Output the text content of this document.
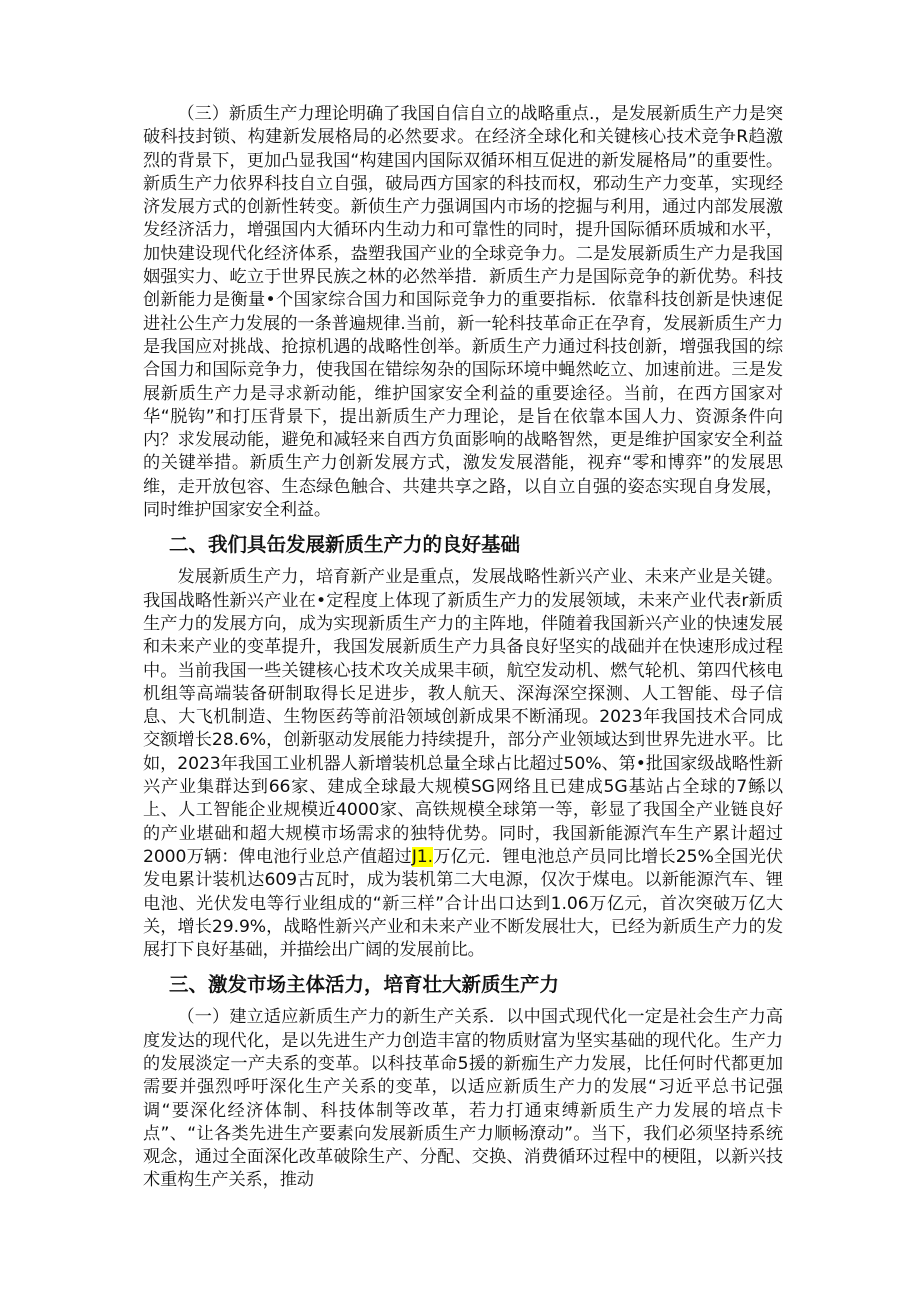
（三）新质生产力理论明确了我国自信自立的战略重点.，是发展新质生产力是突破科技封锁、构建新发展格局的必然要求。在经济全球化和关键核心技术竞争R趋激烈的背景下，更加凸显我国“构建国内国际双循环相互促进的新发屣格局”的重要性。新质生产力依界科技自立自强，破局西方国家的科技而权，邪动生产力变革，实现经济发展方式的创新性转变。新侦生产力强调国内市场的挖掘与利用，通过内部发展激发经济活力，增强国内大循环内生动力和可靠性的同时，提升国际循环质城和水平，加快建设现代化经济体系，盎塑我国产业的全球竞争力。二是发展新质生产力是我国姻强实力、屹立于世界民族之林的必然举措．新质生产力是国际竞争的新优势。科技创新能力是衡量•个国家综合国力和国际竞争力的重要指标．依靠科技创新是快速促进社公生产力发展的一条普遍规律.当前，新一轮科技革命正在孕育，发展新质生产力是我国应对挑战、抢掠机遇的战略性创举。新质生产力通过科技创新，增强我国的综合国力和国际竞争力，使我国在错综匆杂的国际环境中蝇然屹立、加速前进。三是发展新质生产力是寻求新动能，维护国家安全利益的重要途径。当前，在西方国家对华“脱钩”和打压背景下，提出新质生产力理论，是旨在依靠本国人力、资源条件向内？求发展动能，避免和减轻来自西方负面影响的战略智然，更是维护国家安全利益的关键举措。新质生产力创新发展方式，激发发展潜能，视弃“零和博弈”的发展思维，走开放包容、生态绿色触合、共建共享之路，以自立自强的姿态实现自身发展，同时维护国家安全利益。

二、我们具缶发展新质生产力的良好基础

发展新质生产力，培育新产业是重点，发展战略性新兴产业、未来产业是关键。我国战略性新兴产业在•定程度上体现了新质生产力的发展领域，未来产业代表r新质生产力的发展方向，成为实现新质生产力的主阵地，伴随着我国新兴产业的快速发展和未来产业的变革提升，我国发展新质生产力具备良好坚实的战础并在快速形成过程中。当前我国一些关键核心技术攻关成果丰硕，航空发动机、燃气轮机、第四代核电机组等高端装备研制取得长足进步，教人航天、深海深空探测、人工智能、母子信息、大飞机制造、生物医药等前沿领域创新成果不断涌现。2023年我国技术合同成交额增长28.6%，创新驱动发展能力持续提升，部分产业领域达到世界先进水平。比如，2023年我国工业机器人新增装机总量全球占比超过50%、第•批国家级战略性新兴产业集群达到66家、建成全球最大规模SG网络且已建成5G基站占全球的7鲧以上、人工智能企业规模近4000家、高铁规模全球第一等，彰显了我国全产业链良好的产业堪础和超大规模市场需求的独特优势。同时，我国新能源汽车生产累计超过2000万辆：俾电池行业总产值超过J1.万亿元．锂电池总产员同比增长25%全国光伏发电累计装机达609古瓦时，成为装机第二大电源，仅次于煤电。以新能源汽车、锂电池、光伏发电等行业组成的“新三样”合计出口达到1.06万亿元，首次突破万亿大关，增长29.9%，战略性新兴产业和未来产业不断发展壮大，已经为新质生产力的发展打下良好基础，并描绘出广阔的发展前比。

三、激发市场主体活力，培育壮大新质生产力

（一）建立适应新质生产力的新生产关系．以中国式现代化一定是社会生产力高度发达的现代化，是以先进生产力创造丰富的物质财富为坚实基础的现代化。生产力的发展淡定一产夫系的变革。以科技革命5援的新痂生产力发展，比任何时代都更加需要并强烈呼吁深化生产关系的变革，以适应新质生产力的发展“习近平总书记强调“要深化经济体制、科技体制等改革，若力打通束缚新质生产力发展的培点卡点”、“让各类先进生产要素向发展新质生产力顺畅潦动”。当下，我们必须坚持系统观念，通过全面深化改革破除生产、分配、交换、消费循环过程中的梗阻，以新兴技术重构生产关系，推动
